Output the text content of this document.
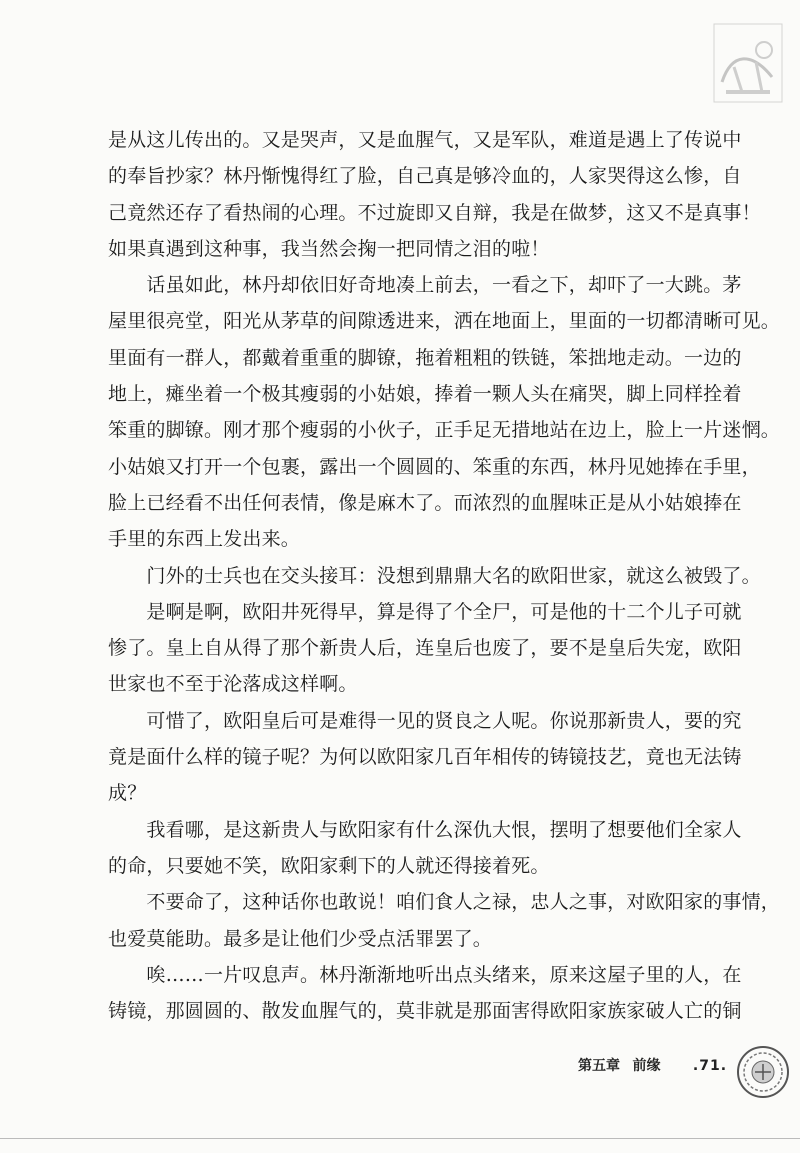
是从这儿传出的。又是哭声，又是血腥气，又是军队，难道是遇上了传说中
的奉旨抄家？林丹惭愧得红了脸，自己真是够冷血的，人家哭得这么惨，自
己竟然还存了看热闹的心理。不过旋即又自辩，我是在做梦，这又不是真事！
如果真遇到这种事，我当然会掬一把同情之泪的啦！
　　话虽如此，林丹却依旧好奇地凑上前去，一看之下，却吓了一大跳。茅
屋里很亮堂，阳光从茅草的间隙透进来，洒在地面上，里面的一切都清晰可见。
里面有一群人，都戴着重重的脚镣，拖着粗粗的铁链，笨拙地走动。一边的
地上，瘫坐着一个极其瘦弱的小姑娘，捧着一颗人头在痛哭，脚上同样拴着
笨重的脚镣。刚才那个瘦弱的小伙子，正手足无措地站在边上，脸上一片迷惘。
小姑娘又打开一个包裹，露出一个圆圆的、笨重的东西，林丹见她捧在手里，
脸上已经看不出任何表情，像是麻木了。而浓烈的血腥味正是从小姑娘捧在
手里的东西上发出来。
　　门外的士兵也在交头接耳：没想到鼎鼎大名的欧阳世家，就这么被毁了。
　　是啊是啊，欧阳井死得早，算是得了个全尸，可是他的十二个儿子可就
惨了。皇上自从得了那个新贵人后，连皇后也废了，要不是皇后失宠，欧阳
世家也不至于沦落成这样啊。
　　可惜了，欧阳皇后可是难得一见的贤良之人呢。你说那新贵人，要的究
竟是面什么样的镜子呢？为何以欧阳家几百年相传的铸镜技艺，竟也无法铸
成？
　　我看哪，是这新贵人与欧阳家有什么深仇大恨，摆明了想要他们全家人
的命，只要她不笑，欧阳家剩下的人就还得接着死。
　　不要命了，这种话你也敢说！咱们食人之禄，忠人之事，对欧阳家的事情，
也爱莫能助。最多是让他们少受点活罪罢了。
　　唉……一片叹息声。林丹渐渐地听出点头绪来，原来这屋子里的人，在
铸镜，那圆圆的、散发血腥气的，莫非就是那面害得欧阳家族家破人亡的铜
第五章 前缘 .71.
